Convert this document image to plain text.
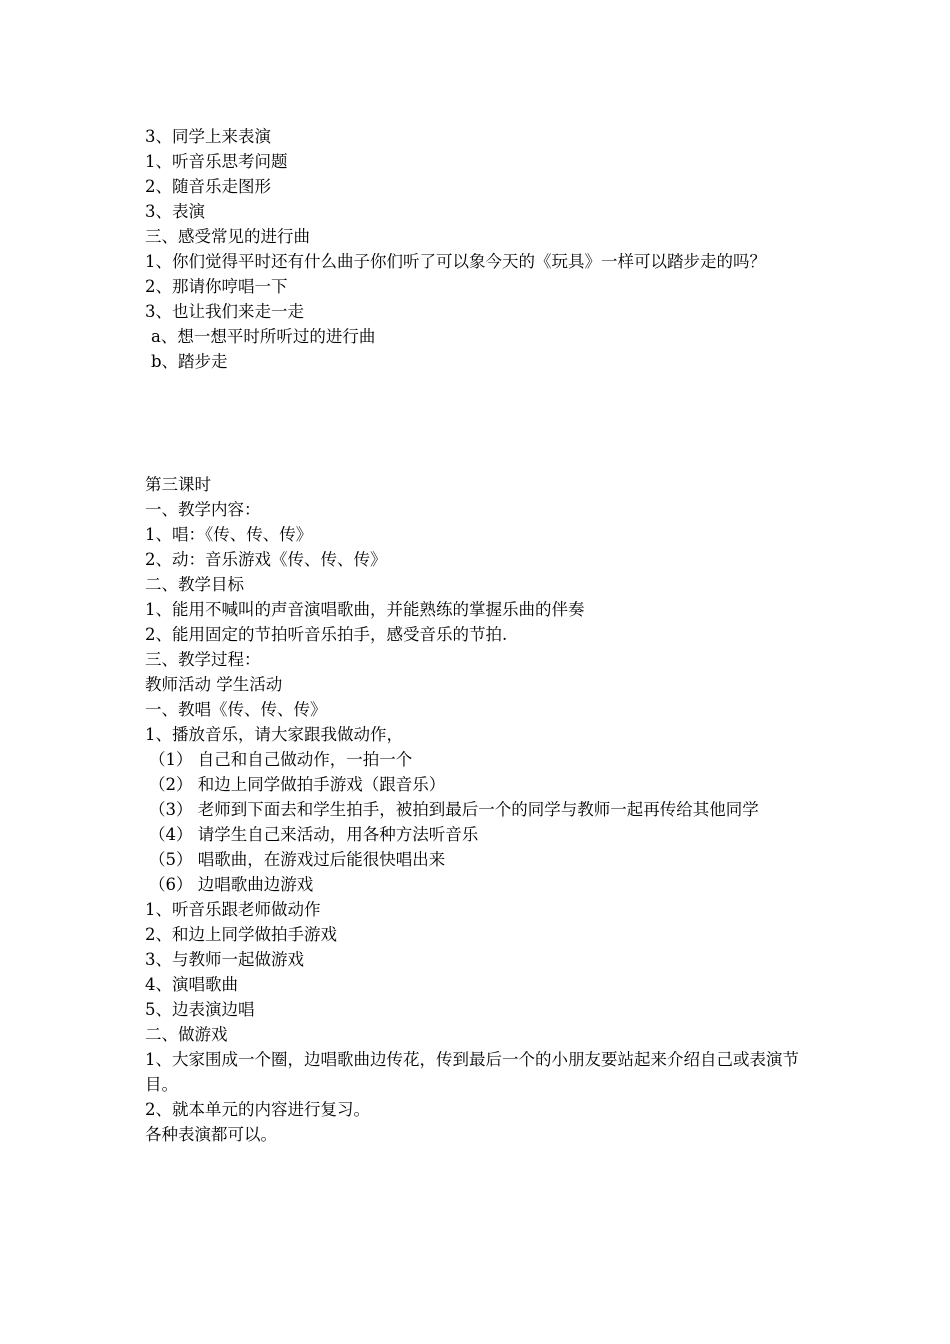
3、同学上来表演
1、听音乐思考问题
2、随音乐走图形
3、表演
三、感受常见的进行曲
1、你们觉得平时还有什么曲子你们听了可以象今天的《玩具》一样可以踏步走的吗？
2、那请你哼唱一下
3、也让我们来走一走
a、想一想平时所听过的进行曲
b、踏步走
第三课时
一、教学内容：
1、唱：《传、传、传》
2、动：音乐游戏《传、传、传》
二、教学目标
1、能用不喊叫的声音演唱歌曲，并能熟练的掌握乐曲的伴奏
2、能用固定的节拍听音乐拍手，感受音乐的节拍.
三、教学过程：
教师活动 学生活动
一、教唱《传、传、传》
1、播放音乐，请大家跟我做动作，
（1） 自己和自己做动作，一拍一个
（2） 和边上同学做拍手游戏（跟音乐）
（3） 老师到下面去和学生拍手，被拍到最后一个的同学与教师一起再传给其他同学
（4） 请学生自己来活动，用各种方法听音乐
（5） 唱歌曲，在游戏过后能很快唱出来
（6） 边唱歌曲边游戏
1、听音乐跟老师做动作
2、和边上同学做拍手游戏
3、与教师一起做游戏
4、演唱歌曲
5、边表演边唱
二、做游戏
1、大家围成一个圈，边唱歌曲边传花，传到最后一个的小朋友要站起来介绍自己或表演节目。
2、就本单元的内容进行复习。
各种表演都可以。
